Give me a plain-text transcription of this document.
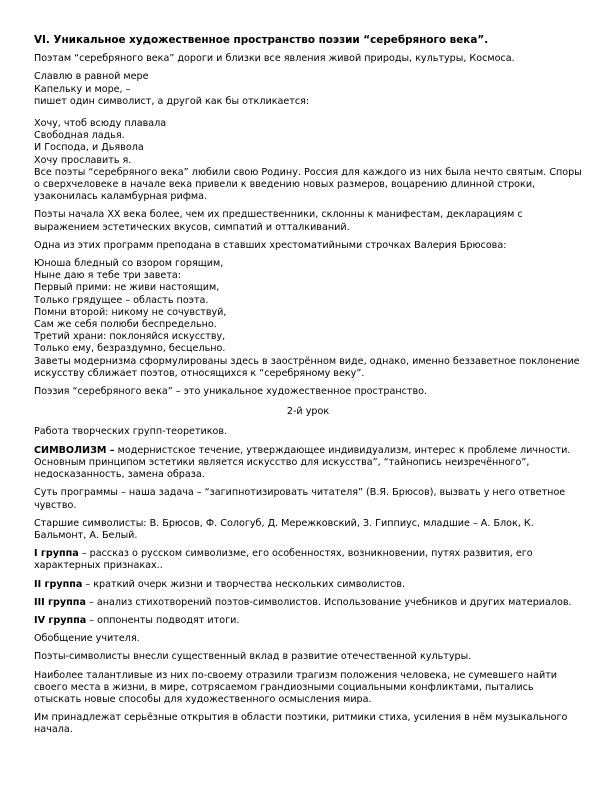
VI. Уникальное художественное пространство поэзии “серебряного века”.

Поэтам “серебряного века” дороги и близки все явления живой природы, культуры, Космоса.

Славлю в равной мере
Капельку и море, –
пишет один символист, а другой как бы откликается:
Хочу, чтоб всюду плавала
Свободная ладья.
И Господа, и Дьявола
Хочу прославить я.

Все поэты “серебряного века” любили свою Родину. Россия для каждого из них была нечто святым. Споры о сверхчеловеке в начале века привели к введению новых размеров, воцарению длинной строки, узаконилась каламбурная рифма.

Поэты начала XX века более, чем их предшественники, склонны к манифестам, декларациям с выражением эстетических вкусов, симпатий и отталкиваний.

Одна из этих программ преподана в ставших хрестоматийными строчках Валерия Брюсова:

Юноша бледный со взором горящим,
Ныне даю я тебе три завета:
Первый прими: не живи настоящим,
Только грядущее – область поэта.
Помни второй: никому не сочувствуй,
Сам же себя полюби беспредельно.
Третий храни: поклоняйся искусству,
Только ему, безраздумно, бесцельно.
Заветы модернизма сформулированы здесь в заострённом виде, однако, именно беззаветное поклонение искусству сближает поэтов, относящихся к “серебряному веку”.

Поэзия “серебряного века” – это уникальное художественное пространство.

2-й урок

Работа творческих групп-теоретиков.

СИМВОЛИЗМ – модернистское течение, утверждающее индивидуализм, интерес к проблеме личности. Основным принципом эстетики является искусство для искусства”, “тайнопись неизречённого”, недосказанность, замена образа.

Суть программы – наша задача – “загипнотизировать читателя” (В.Я. Брюсов), вызвать у него ответное чувство.

Старшие символисты: В. Брюсов, Ф. Сологуб, Д. Мережковский, З. Гиппиус, младшие – А. Блок, К. Бальмонт, А. Белый.

I группа – рассказ о русском символизме, его особенностях, возникновении, путях развития, его характерных признаках..

II группа – краткий очерк жизни и творчества нескольких символистов.

III группа – анализ стихотворений поэтов-символистов. Использование учебников и других материалов.

IV группа – оппоненты подводят итоги.

Обобщение учителя.

Поэты-символисты внесли существенный вклад в развитие отечественной культуры.

Наиболее талантливые из них по-своему отразили трагизм положения человека, не сумевшего найти своего места в жизни, в мире, сотрясаемом грандиозными социальными конфликтами, пытались отыскать новые способы для художественного осмысления мира.

Им принадлежат серьёзные открытия в области поэтики, ритмики стиха, усиления в нём музыкального начала.
